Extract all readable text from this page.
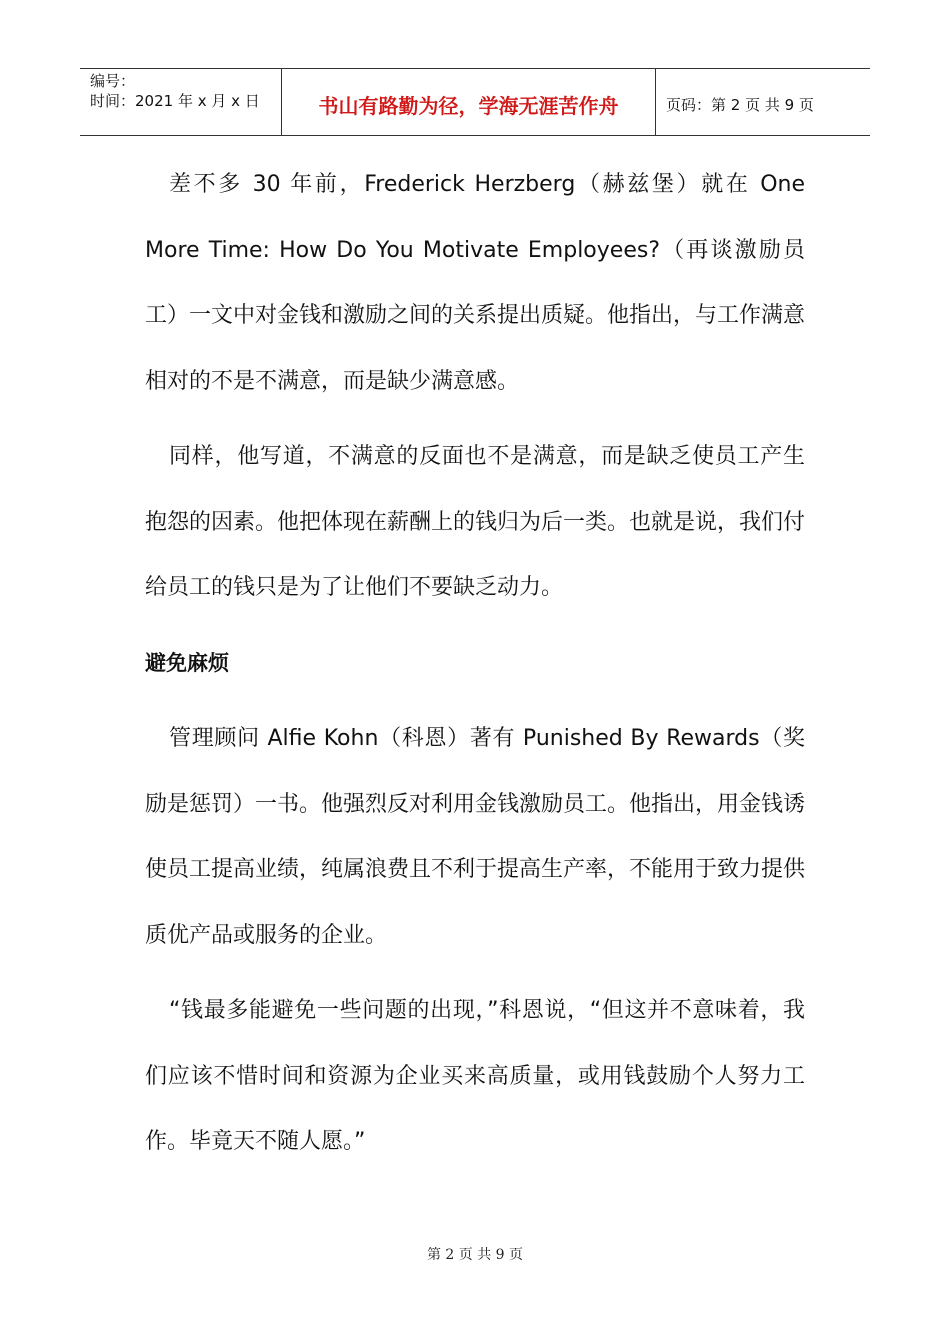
编号：
时间：2021 年 x 月 x 日	书山有路勤为径，学海无涯苦作舟	页码：第 2 页 共 9 页

差不多 30 年前，Frederick Herzberg（赫兹堡）就在 One More Time: How Do You Motivate Employees?（再谈激励员工）一文中对金钱和激励之间的关系提出质疑。他指出，与工作满意相对的不是不满意，而是缺少满意感。

同样，他写道，不满意的反面也不是满意，而是缺乏使员工产生抱怨的因素。他把体现在薪酬上的钱归为后一类。也就是说，我们付给员工的钱只是为了让他们不要缺乏动力。

避免麻烦

管理顾问 Alfie Kohn（科恩）著有 Punished By Rewards（奖励是惩罚）一书。他强烈反对利用金钱激励员工。他指出，用金钱诱使员工提高业绩，纯属浪费且不利于提高生产率，不能用于致力提供质优产品或服务的企业。

“钱最多能避免一些问题的出现，”科恩说，“但这并不意味着，我们应该不惜时间和资源为企业买来高质量，或用钱鼓励个人努力工作。毕竟天不随人愿。”

第 2 页 共 9 页
